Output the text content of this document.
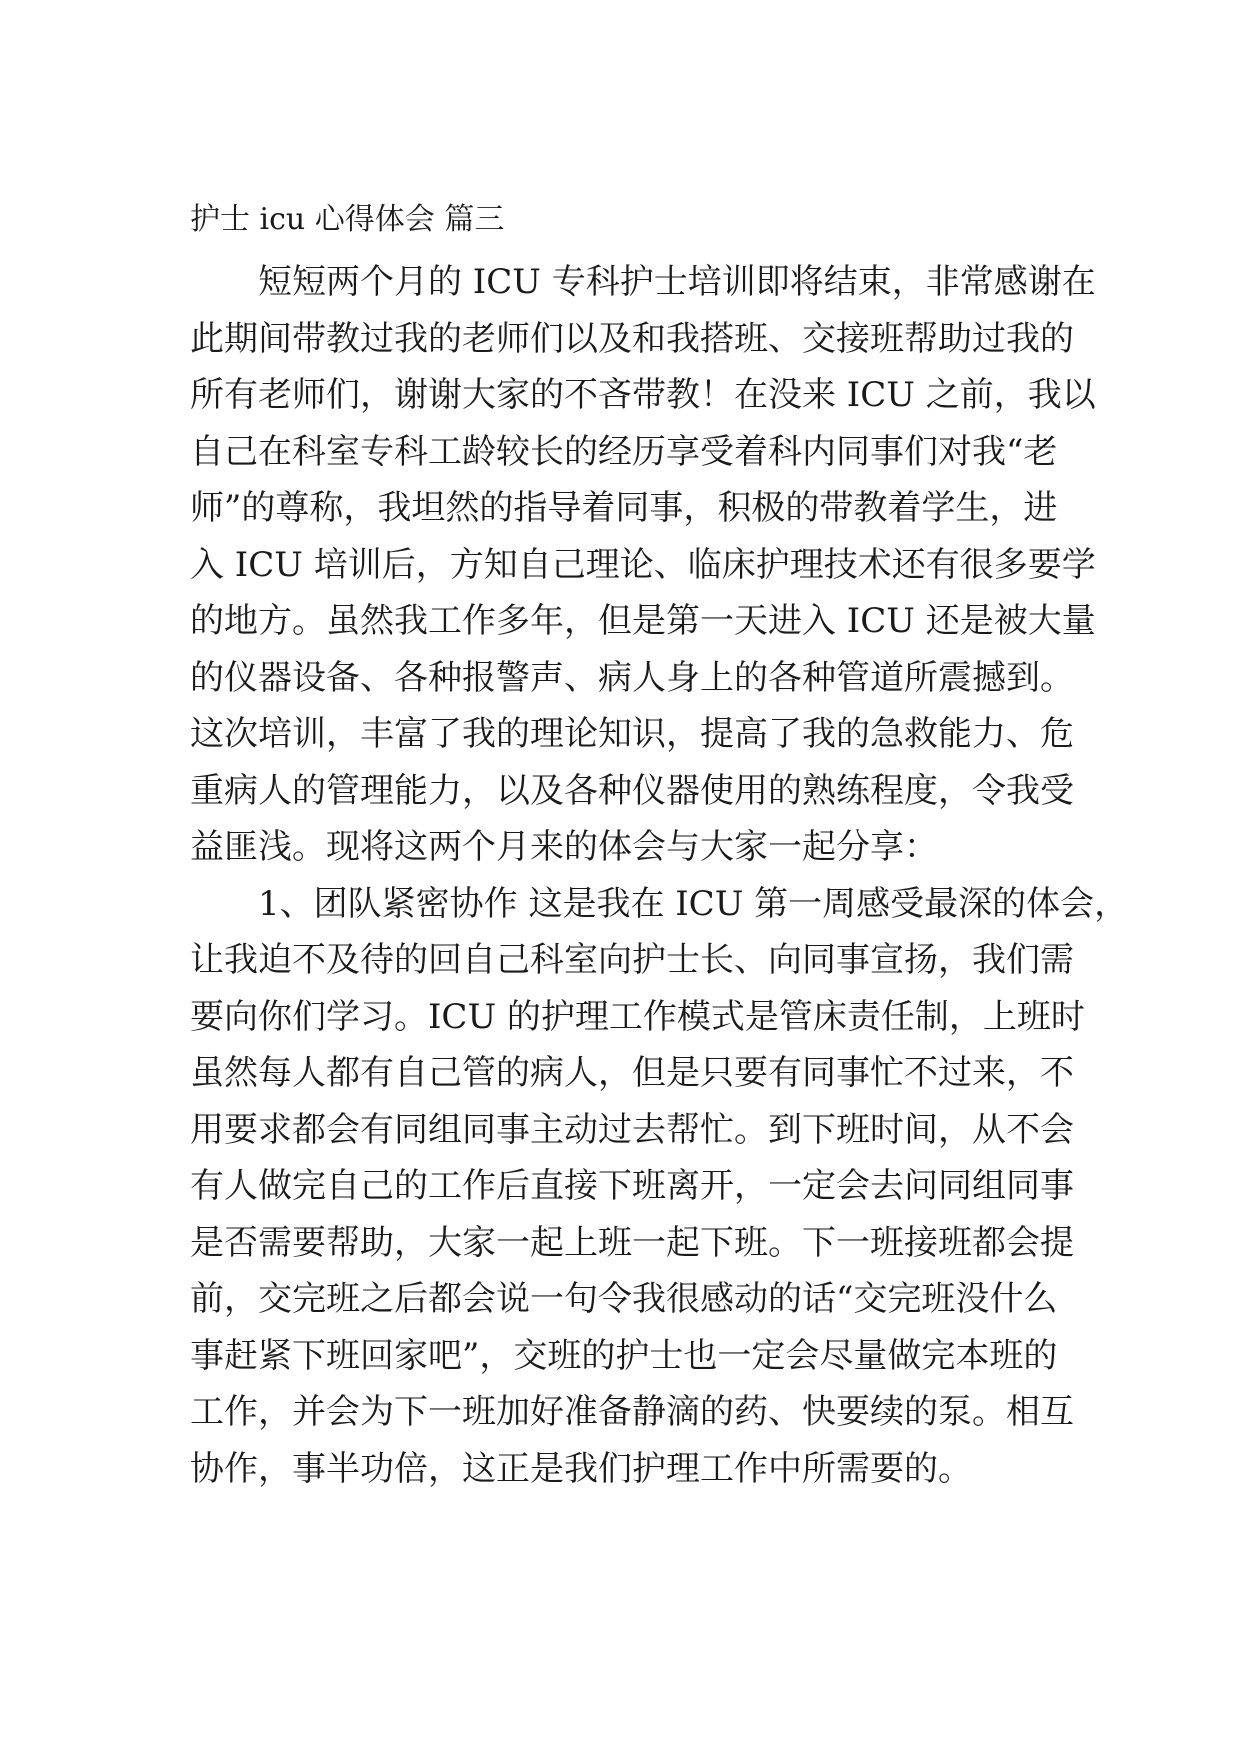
护士 icu 心得体会 篇三
短短两个月的 ICU 专科护士培训即将结束，非常感谢在
此期间带教过我的老师们以及和我搭班、交接班帮助过我的
所有老师们，谢谢大家的不吝带教！在没来 ICU 之前，我以
自己在科室专科工龄较长的经历享受着科内同事们对我“老
师”的尊称，我坦然的指导着同事，积极的带教着学生，进
入 ICU 培训后，方知自己理论、临床护理技术还有很多要学
的地方。虽然我工作多年，但是第一天进入 ICU 还是被大量
的仪器设备、各种报警声、病人身上的各种管道所震撼到。
这次培训，丰富了我的理论知识，提高了我的急救能力、危
重病人的管理能力，以及各种仪器使用的熟练程度，令我受
益匪浅。现将这两个月来的体会与大家一起分享：
1、团队紧密协作 这是我在 ICU 第一周感受最深的体会，
让我迫不及待的回自己科室向护士长、向同事宣扬，我们需
要向你们学习。ICU 的护理工作模式是管床责任制，上班时
虽然每人都有自己管的病人，但是只要有同事忙不过来，不
用要求都会有同组同事主动过去帮忙。到下班时间，从不会
有人做完自己的工作后直接下班离开，一定会去问同组同事
是否需要帮助，大家一起上班一起下班。下一班接班都会提
前，交完班之后都会说一句令我很感动的话“交完班没什么
事赶紧下班回家吧”，交班的护士也一定会尽量做完本班的
工作，并会为下一班加好准备静滴的药、快要续的泵。相互
协作，事半功倍，这正是我们护理工作中所需要的。
